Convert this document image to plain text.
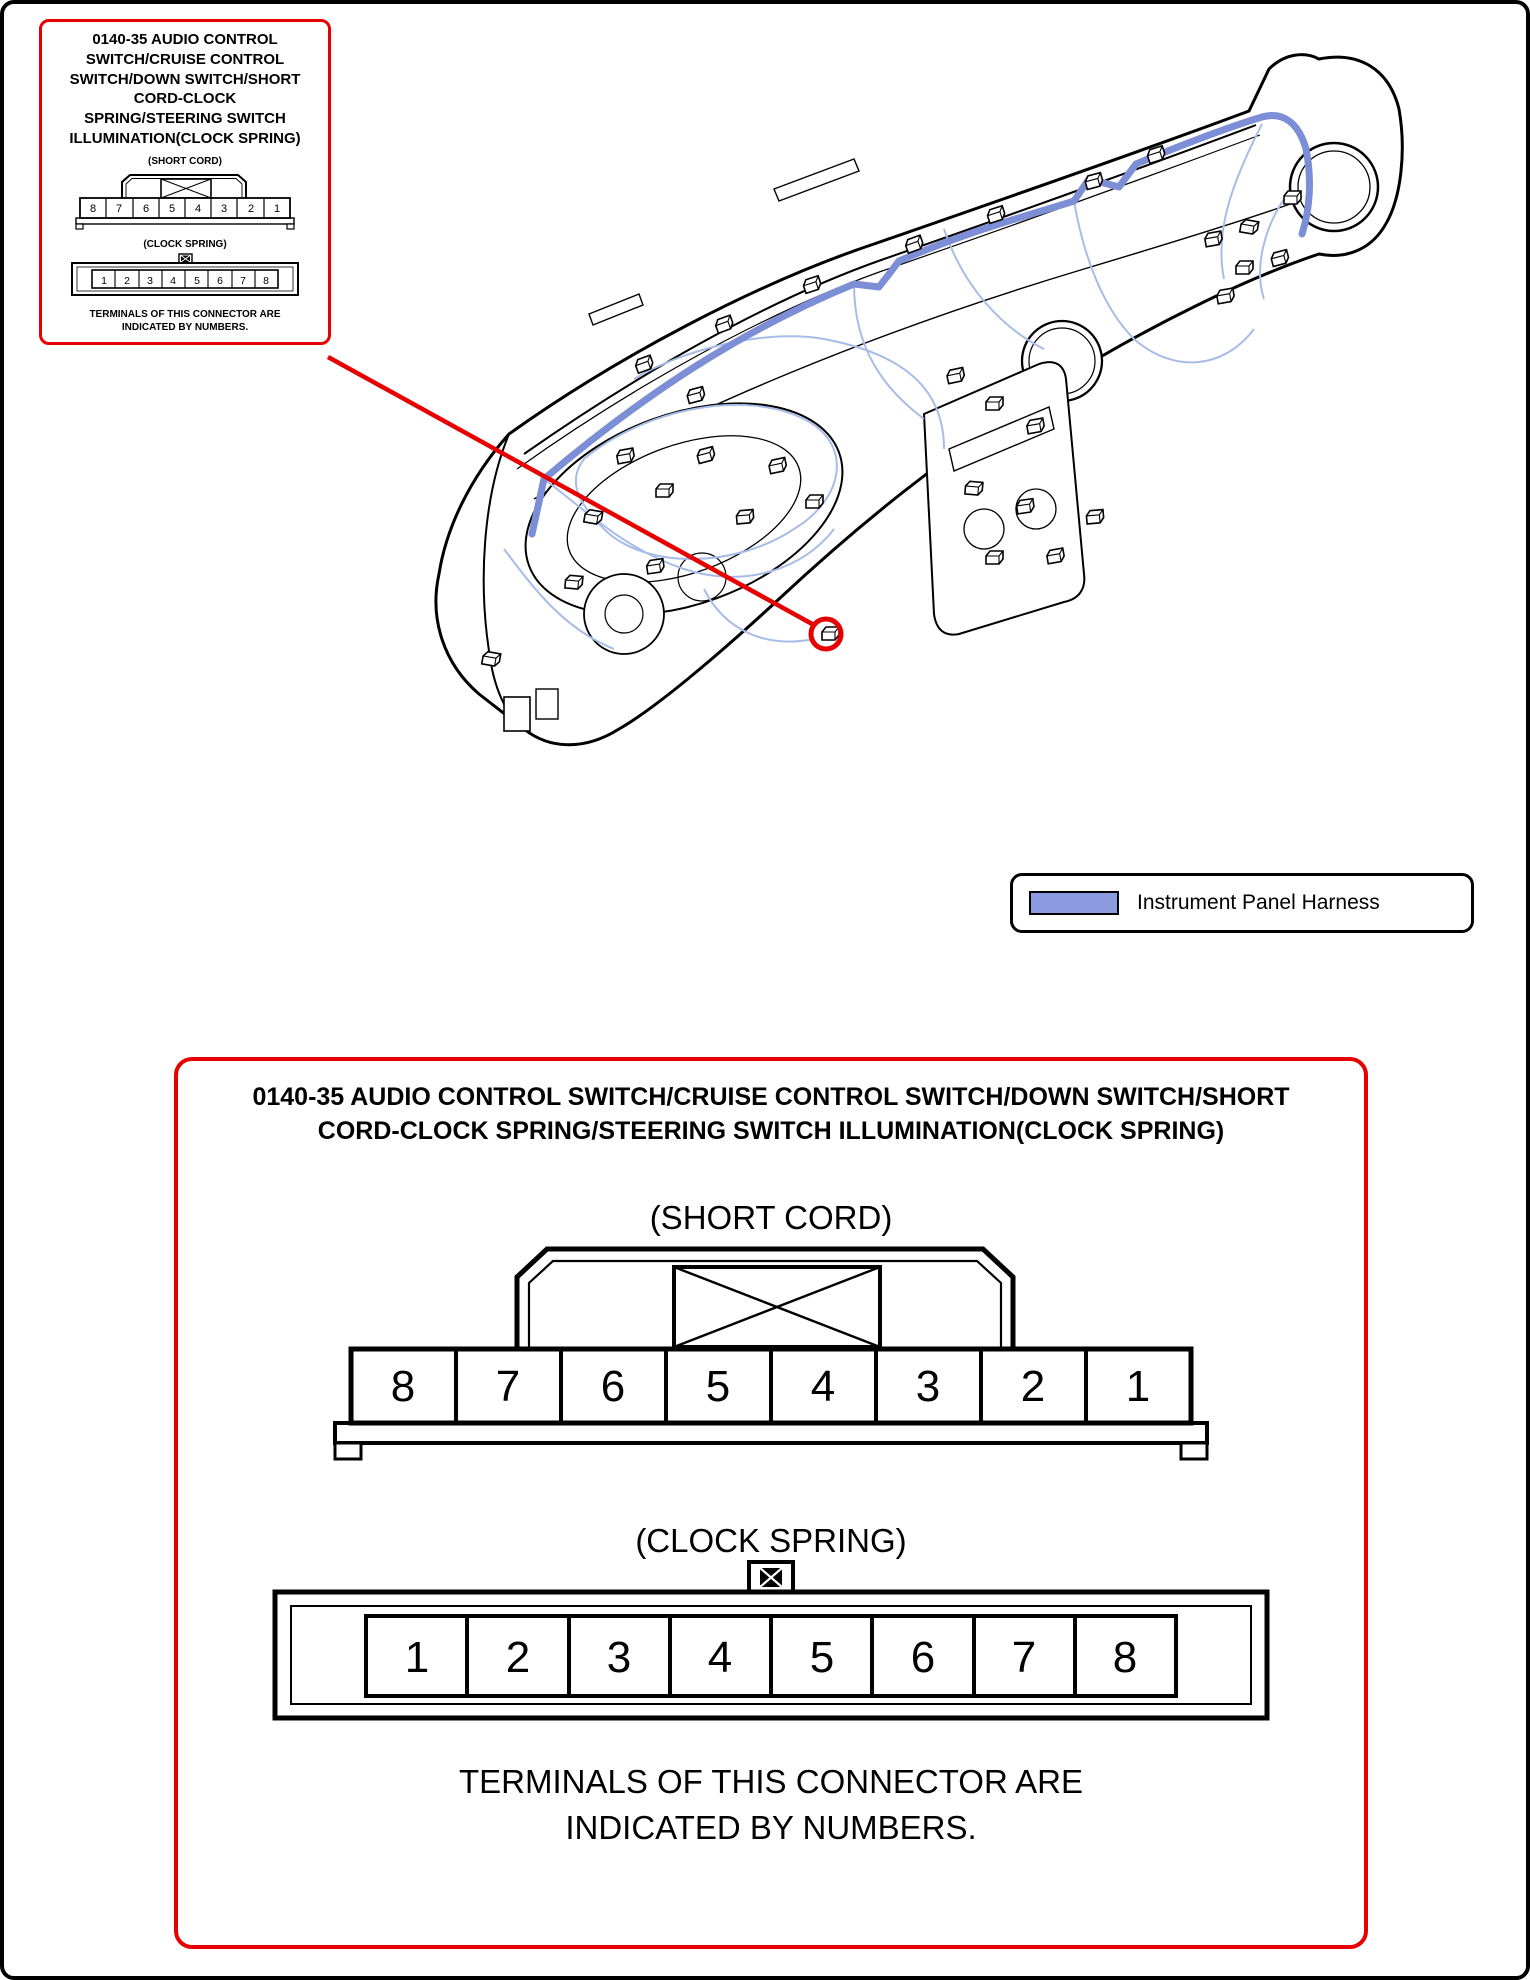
0140-35 AUDIO CONTROL
SWITCH/CRUISE CONTROL
SWITCH/DOWN SWITCH/SHORT
CORD-CLOCK
SPRING/STEERING SWITCH
ILLUMINATION(CLOCK SPRING)
(SHORT CORD)
8 7 6 5 4 3 2 1
(CLOCK SPRING)
1 2 3 4 5 6 7 8
TERMINALS OF THIS CONNECTOR ARE
INDICATED BY NUMBERS.
Instrument Panel Harness
0140-35 AUDIO CONTROL SWITCH/CRUISE CONTROL SWITCH/DOWN SWITCH/SHORT
CORD-CLOCK SPRING/STEERING SWITCH ILLUMINATION(CLOCK SPRING)
(SHORT CORD)
8 7 6 5 4 3 2 1
(CLOCK SPRING)
1 2 3 4 5 6 7 8
TERMINALS OF THIS CONNECTOR ARE
INDICATED BY NUMBERS.
